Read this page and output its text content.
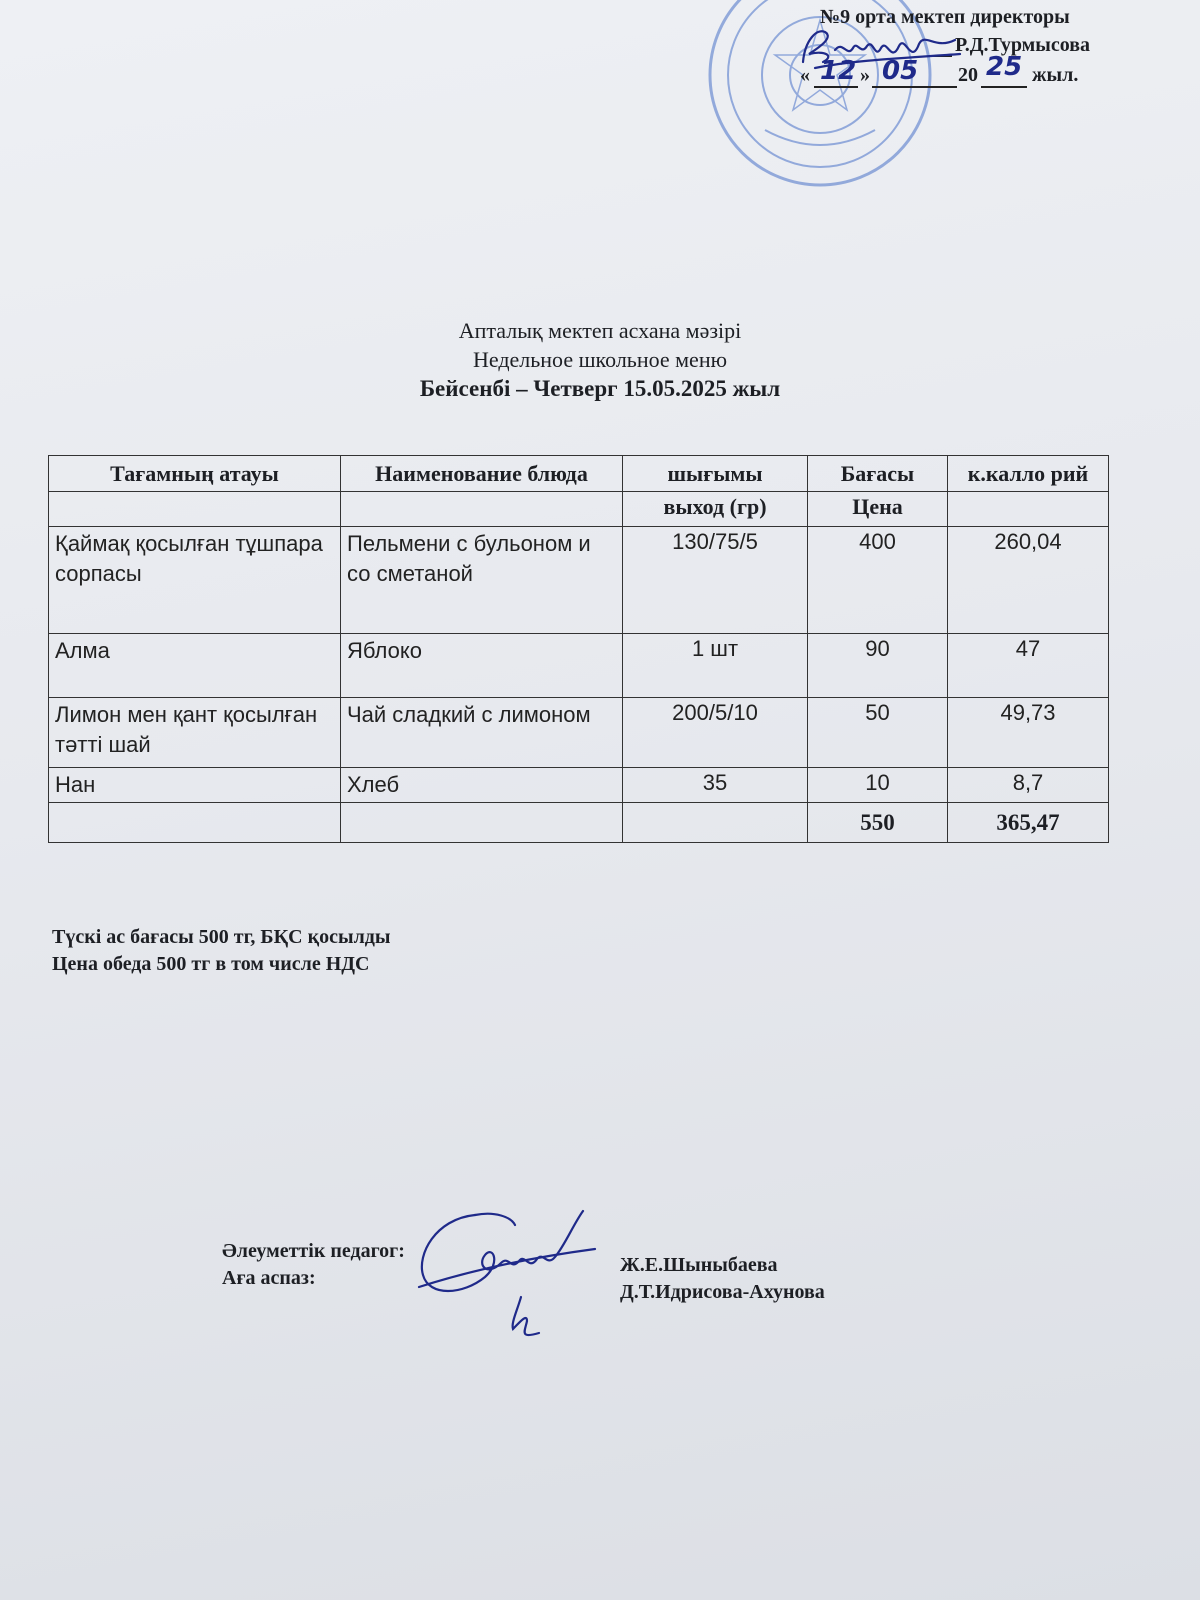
№9 орта мектеп директоры
Р.Д.Турмысова
« 12 » 05 20 25 жыл.
Апталық мектеп асхана мәзірі
Недельное школьное меню
Бейсенбі – Четверг 15.05.2025 жыл
Тағамның атауы	Наименование блюда	шығымы	Бағасы	к.калло рий
		выход (гр)	Цена	
Қаймақ қосылған тұшпара сорпасы	Пельмени с бульоном и со сметаной	130/75/5	400	260,04
Алма	Яблоко	1 шт	90	47
Лимон мен қант қосылған тәтті шай	Чай сладкий с лимоном	200/5/10	50	49,73
Нан	Хлеб	35	10	8,7
			550	365,47
Түскі ас бағасы 500 тг, БҚС қосылды
Цена обеда 500 тг в том числе НДС
Әлеуметтік педагог:
Аға аспаз:
Ж.Е.Шыныбаева
Д.Т.Идрисова-Ахунова
